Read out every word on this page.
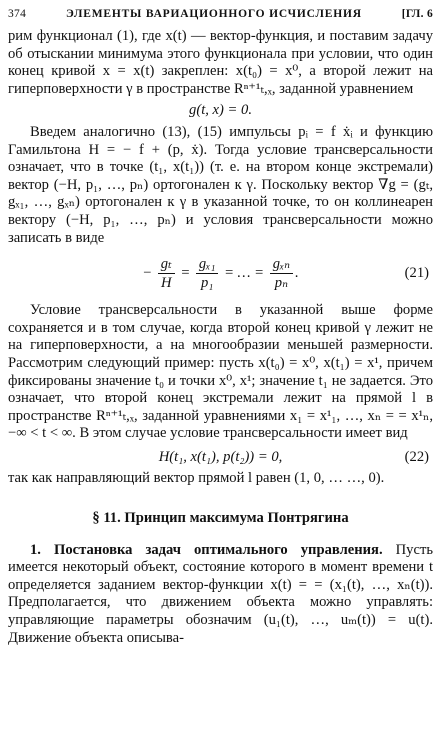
374	ЭЛЕМЕНТЫ ВАРИАЦИОННОГО ИСЧИСЛЕНИЯ	[ГЛ. 6

рим функционал (1), где x(t) — вектор-функция, и поставим задачу об отыскании минимума этого функционала при условии, что один конец кривой x = x(t) закреплен: x(t₀) = x⁰, а второй лежит на гиперповерхности γ в пространстве Rⁿ⁺¹ₜ,ₓ, заданной уравнением

g(t, x) = 0.

Введем аналогично (13), (15) импульсы pᵢ = f ẋᵢ и функцию Гамильтона H = − f + (p, ẋ). Тогда условие трансверсальности означает, что в точке (t₁, x(t₁)) (т. е. на втором конце экстремали) вектор (−H, p₁, …, pₙ) ортогонален к γ. Поскольку вектор ∇g = (gₜ, gₓ₁, …, gₓₙ) ортогонален к γ в указанной точке, то он коллинеарен вектору (−H, p₁, …, pₙ) и условия трансверсальности можно записать в виде

− $\frac{\text{gₜ}}{H} = \frac{\text{gₓ₁}}{\text{p₁}}$ = … = $\frac{\text{gₓₙ}}{\text{pₙ}}$ .	(21)

Условие трансверсальности в указанной выше форме сохраняется и в том случае, когда второй конец кривой γ лежит не на гиперповерхности, а на многообразии меньшей размерности. Рассмотрим следующий пример: пусть x(t₀) = x⁰, x(t₁) = x¹, причем фиксированы значение t₀ и точки x⁰, x¹; значение t₁ не задается. Это означает, что второй конец экстремали лежит на прямой l в пространстве Rⁿ⁺¹ₜ,ₓ, заданной уравнениями x₁ = x¹₁, …, xₙ = = x¹ₙ, −∞ < t < ∞. В этом случае условие трансверсальности имеет вид

H(t₁, x(t₁), p(t₂)) = 0,	(22)

так как направляющий вектор прямой l равен (1, 0, … …, 0).

§ 11. Принцип максимума Понтрягина

1. Постановка задач оптимального управления. Пусть имеется некоторый объект, состояние которого в момент времени t определяется заданием вектор-функции x(t) = = (x₁(t), …, xₙ(t)). Предполагается, что движением объекта можно управлять: управляющие параметры обозначим (u₁(t), …, uₘ(t)) = u(t). Движение объекта описыва-
